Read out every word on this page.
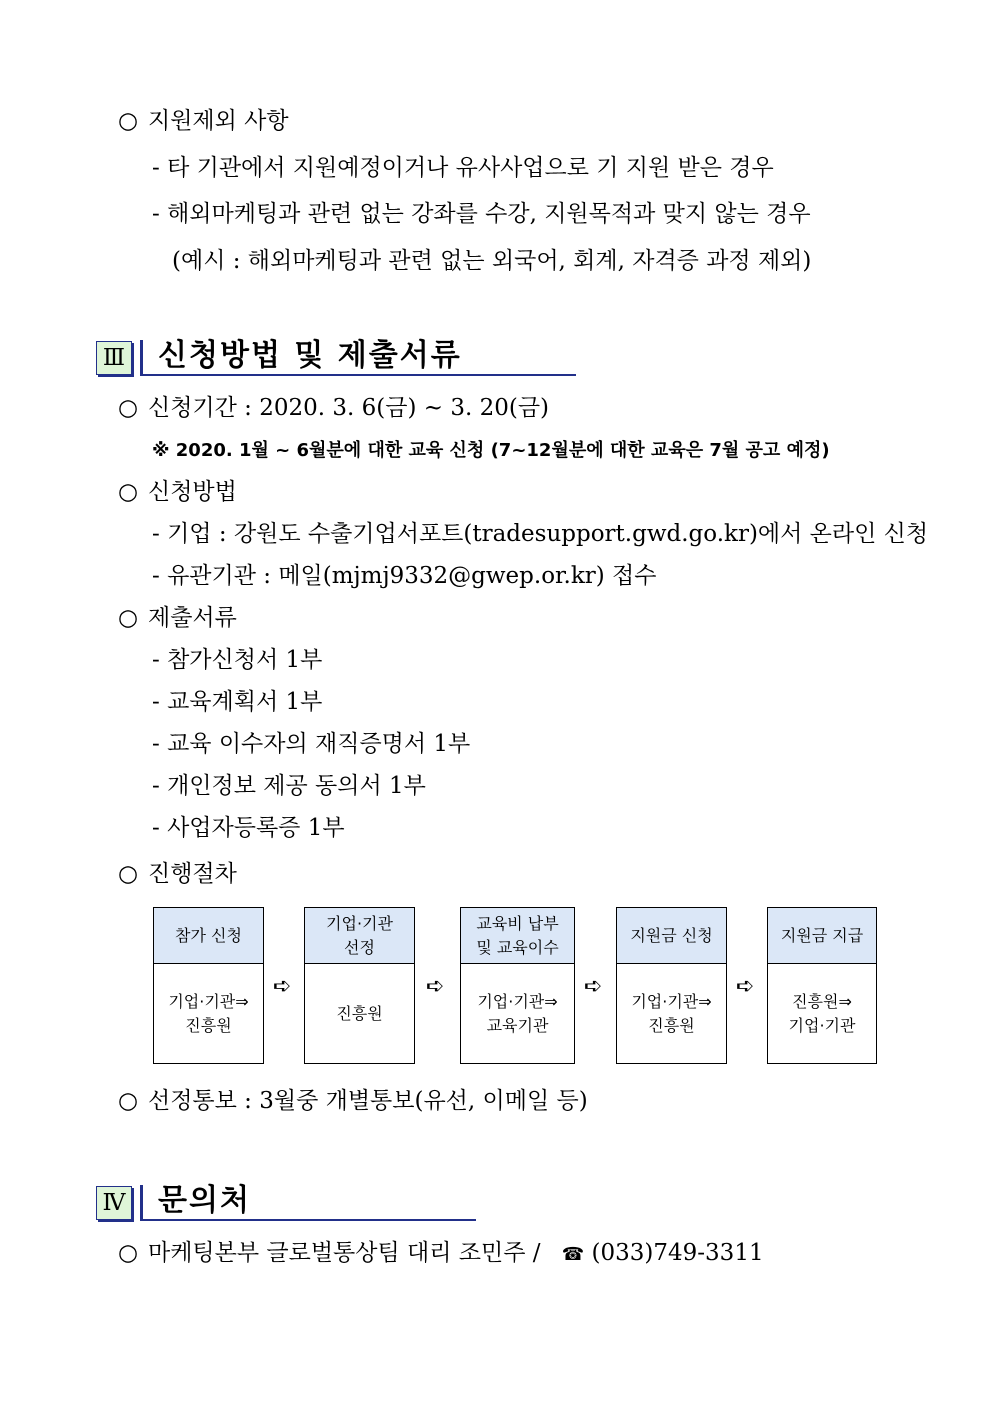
○ 지원제외 사항
- 타 기관에서 지원예정이거나 유사사업으로 기 지원 받은 경우
- 해외마케팅과 관련 없는 강좌를 수강, 지원목적과 맞지 않는 경우
(예시 : 해외마케팅과 관련 없는 외국어, 회계, 자격증 과정 제외)
Ⅲ 신청방법 및 제출서류
○ 신청기간 : 2020. 3. 6(금) ~ 3. 20(금)
※ 2020. 1월 ~ 6월분에 대한 교육 신청 (7~12월분에 대한 교육은 7월 공고 예정)
○ 신청방법
- 기업 : 강원도 수출기업서포트(tradesupport.gwd.go.kr)에서 온라인 신청
- 유관기관 : 메일(mjmj9332@gwep.or.kr) 접수
○ 제출서류
- 참가신청서 1부
- 교육계획서 1부
- 교육 이수자의 재직증명서 1부
- 개인정보 제공 동의서 1부
- 사업자등록증 1부
○ 진행절차
참가 신청
기업·기관⇒
진흥원
➪
기업·기관
선정
진흥원
➪
교육비 납부
및 교육이수
기업·기관⇒
교육기관
➪
지원금 신청
기업·기관⇒
진흥원
➪
지원금 지급
진흥원⇒
기업·기관
○ 선정통보 : 3월중 개별통보(유선, 이메일 등)
Ⅳ 문의처
○ 마케팅본부 글로벌통상팀 대리 조민주 / ☎ (033)749-3311
